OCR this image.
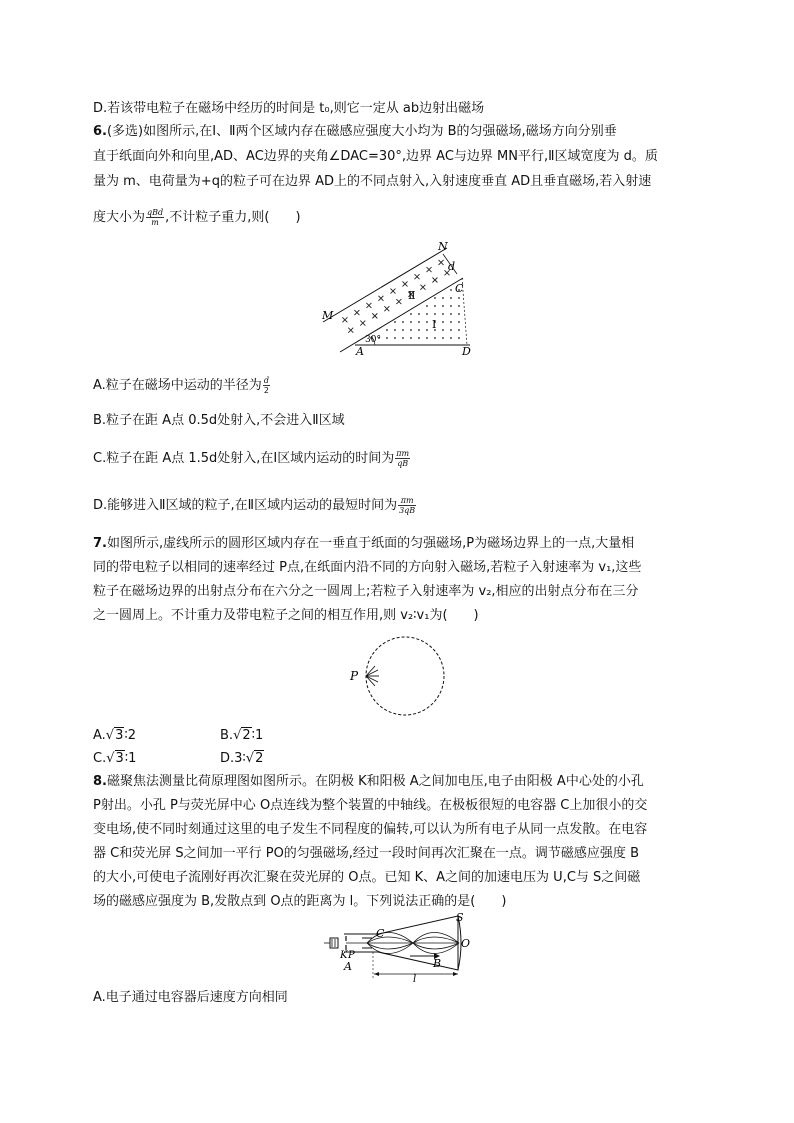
D.若该带电粒子在磁场中经历的时间是 t₀,则它一定从 ab边射出磁场
6.(多选)如图所示,在Ⅰ、Ⅱ两个区域内存在磁感应强度大小均为 B的匀强磁场,磁场方向分别垂
直于纸面向外和向里,AD、AC边界的夹角∠DAC=30°,边界 AC与边界 MN平行,Ⅱ区域宽度为 d。质
量为 m、电荷量为+q的粒子可在边界 AD上的不同点射入,入射速度垂直 AD且垂直磁场,若入射速
度大小为 $\frac{\text{qBd}}{m}$ ,不计粒子重力,则(　　)
N
d
C
Ⅱ
Ⅰ
M
30°
A	D
A.粒子在磁场中运动的半径为 $\frac{d}{2}$
B.粒子在距 A点 0.5d处射入,不会进入Ⅱ区域
C.粒子在距 A点 1.5d处射入,在Ⅰ区域内运动的时间为 $\frac{\pi m}{qB}$
D.能够进入Ⅱ区域的粒子,在Ⅱ区域内运动的最短时间为 $\frac{\pi m}{3qB}$
7.如图所示,虚线所示的圆形区域内存在一垂直于纸面的匀强磁场,P为磁场边界上的一点,大量相
同的带电粒子以相同的速率经过 P点,在纸面内沿不同的方向射入磁场,若粒子入射速率为 v₁,这些
粒子在磁场边界的出射点分布在六分之一圆周上;若粒子入射速率为 v₂,相应的出射点分布在三分
之一圆周上。不计重力及带电粒子之间的相互作用,则 v₂∶v₁为(　　)
P
A.√3∶2	B.√2∶1
C.√3∶1	D.3∶√2
8.磁聚焦法测量比荷原理图如图所示。在阴极 K和阳极 A之间加电压,电子由阳极 A中心处的小孔
P射出。小孔 P与荧光屏中心 O点连线为整个装置的中轴线。在极板很短的电容器 C上加很小的交
变电场,使不同时刻通过这里的电子发生不同程度的偏转,可以认为所有电子从同一点发散。在电容
器 C和荧光屏 S之间加一平行 PO的匀强磁场,经过一段时间再次汇聚在一点。调节磁感应强度 B
的大小,可使电子流刚好再次汇聚在荧光屏的 O点。已知 K、A之间的加速电压为 U,C与 S之间磁
场的磁感应强度为 B,发散点到 O点的距离为 l。下列说法正确的是(　　)
S
C
O
K P
A	B
l
A.电子通过电容器后速度方向相同
